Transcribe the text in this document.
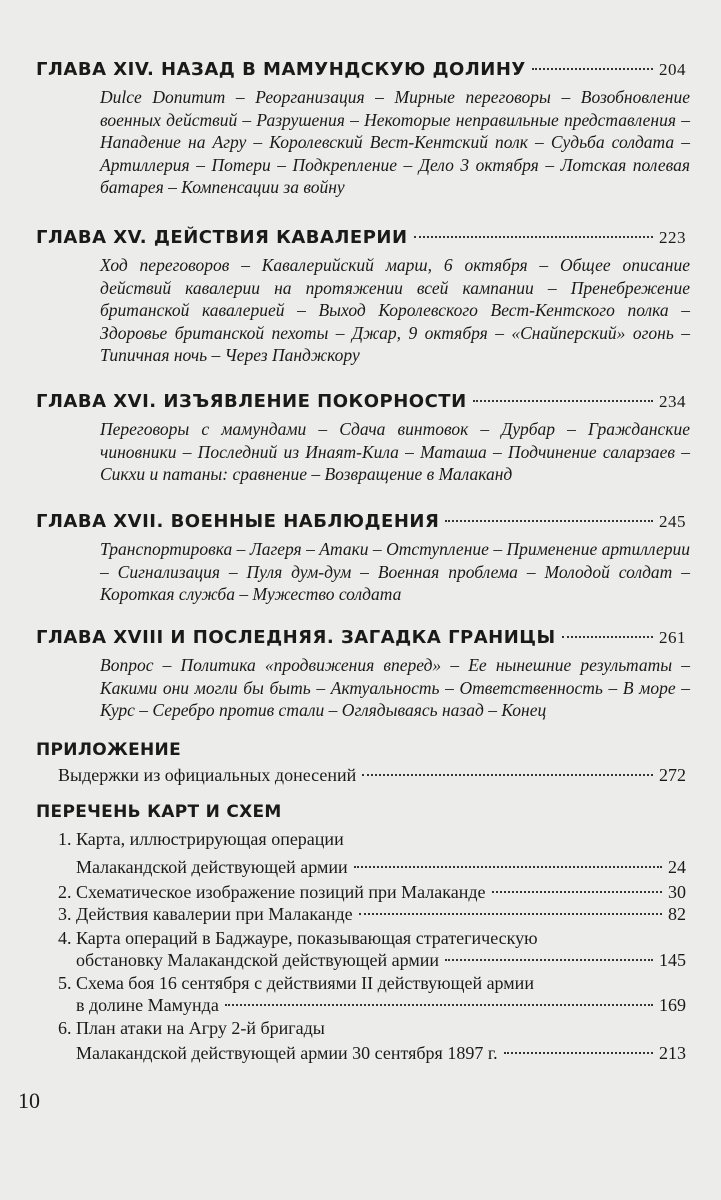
ГЛАВА XIV. НАЗАД В МАМУНДСКУЮ ДОЛИНУ	204
Dulce Donumum – Реорганизация – Мирные переговоры – Возобновление военных действий – Разрушения – Некоторые неправильные представления – Нападение на Агру – Королевский Вест-Кентский полк – Судьба солдата – Артиллерия – Потери – Подкрепление – Дело 3 октября – Лотская полевая батарея – Компенсации за войну
ГЛАВА XV. ДЕЙСТВИЯ КАВАЛЕРИИ	223
Ход переговоров – Кавалерийский марш, 6 октября – Общее описание действий кавалерии на протяжении всей кампании – Пренебрежение британской кавалерией – Выход Королевского Вест-Кентского полка – Здоровье британской пехоты – Джар, 9 октября – «Снайперский» огонь – Типичная ночь – Через Панджкору
ГЛАВА XVI. ИЗЪЯВЛЕНИЕ ПОКОРНОСТИ	234
Переговоры с мамундами – Сдача винтовок – Дурбар – Гражданские чиновники – Последний из Инаят-Кила – Маташа – Подчинение саларзаев – Сикхи и патаны: сравнение – Возвращение в Малаканд
ГЛАВА XVII. ВОЕННЫЕ НАБЛЮДЕНИЯ	245
Транспортировка – Лагеря – Атаки – Отступление – Применение артиллерии – Сигнализация – Пуля дум-дум – Военная проблема – Молодой солдат – Короткая служба – Мужество солдата
ГЛАВА XVIII И ПОСЛЕДНЯЯ. ЗАГАДКА ГРАНИЦЫ	261
Вопрос – Политика «продвижения вперед» – Ее нынешние результаты – Какими они могли бы быть – Актуальность – Ответственность – В море – Курс – Серебро против стали – Оглядываясь назад – Конец
ПРИЛОЖЕНИЕ
Выдержки из официальных донесений	272
ПЕРЕЧЕНЬ КАРТ И СХЕМ
1. Карта, иллюстрирующая операции
Малакандской действующей армии	24
2. Схематическое изображение позиций при Малаканде	30
3. Действия кавалерии при Малаканде	82
4. Карта операций в Баджауре, показывающая стратегическую
обстановку Малакандской действующей армии	145
5. Схема боя 16 сентября с действиями II действующей армии
в долине Мамунда	169
6. План атаки на Агру 2-й бригады
Малакандской действующей армии 30 сентября 1897 г.	213
10
